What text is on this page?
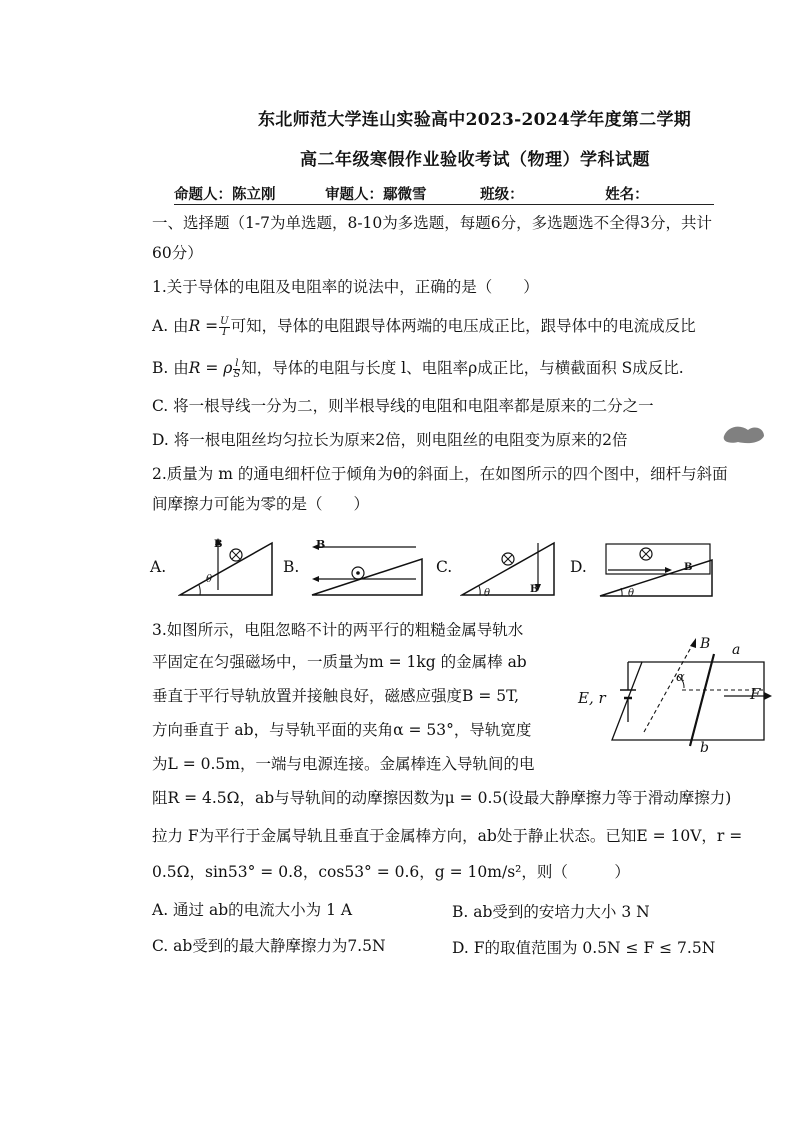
东北师范大学连山实验高中2023-2024学年度第二学期
高二年级寒假作业验收考试（物理）学科试题
命题人：陈立刚	审题人：鄢微雪	班级：	姓名：
一、选择题（1-7为单选题，8-10为多选题，每题6分，多选题选不全得3分，共计
60分）
1.关于导体的电阻及电阻率的说法中，正确的是（　　）
A. 由$R = \frac{U}{I}$ 可知，导体的电阻跟导体两端的电压成正比，跟导体中的电流成反比
B. 由R = ρ $\frac{l}{S}$ 知，导体的电阻与长度 l、电阻率ρ成正比，与横截面积 S成反比.
C. 将一根导线一分为二，则半根导线的电阻和电阻率都是原来的二分之一
D. 将一根电阻丝均匀拉长为原来2倍，则电阻丝的电阻变为原来的2倍
2.质量为 m 的通电细杆位于倾角为θ的斜面上，在如图所示的四个图中，细杆与斜面
间摩擦力可能为零的是（　　）
A.
B
θ
B.
B
C.
B
θ
D.	B
θ
3.如图所示，电阻忽略不计的两平行的粗糙金属导轨水
平固定在匀强磁场中，一质量为m = 1kg 的金属棒 ab
垂直于平行导轨放置并接触良好，磁感应强度B = 5T,
方向垂直于 ab，与导轨平面的夹角α = 53°，导轨宽度
为L = 0.5m，一端与电源连接。金属棒连入导轨间的电
阻R = 4.5Ω，ab与导轨间的动摩擦因数为μ = 0.5(设最大静摩擦力等于滑动摩擦力)
拉力 F为平行于金属导轨且垂直于金属棒方向，ab处于静止状态。已知E = 10V，r =
0.5Ω，sin53° = 0.8，cos53° = 0.6，g = 10m/s²，则（　　　）
A. 通过 ab的电流大小为 1 A	B. ab受到的安培力大小 3 N
C. ab受到的最大静摩擦力为7.5N	D. F的取值范围为 0.5N ≤ F ≤ 7.5N
B a
b
E, r	F
α
